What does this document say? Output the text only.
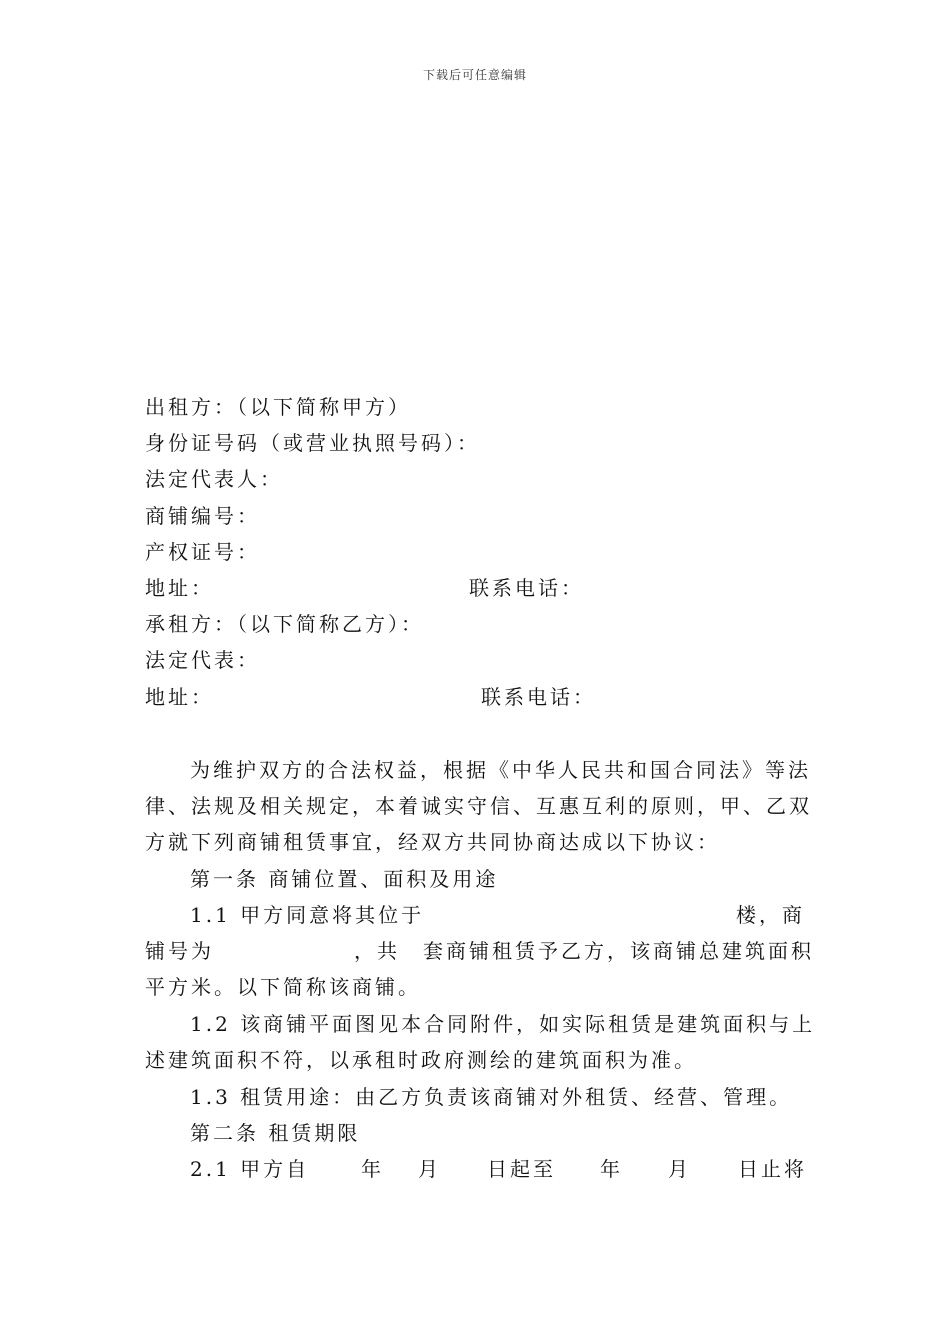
下载后可任意编辑
出租方：（以下简称甲方）
身份证号码（或营业执照号码）：
法定代表人：
商铺编号：
产权证号：
地址：	联系电话：
承租方：（以下简称乙方）：
法定代表：
地址：	联系电话：
为维护双方的合法权益，根据《中华人民共和国合同法》等法
律、法规及相关规定，本着诚实守信、互惠互利的原则，甲、乙双
方就下列商铺租赁事宜，经双方共同协商达成以下协议：
第一条 商铺位置、面积及用途
1.1 甲方同意将其位于	楼，商
铺号为	，共　套商铺租赁予乙方，该商铺总建筑面积
平方米。以下简称该商铺。
1.2 该商铺平面图见本合同附件，如实际租赁是建筑面积与上
述建筑面积不符，以承租时政府测绘的建筑面积为准。
1.3 租赁用途：由乙方负责该商铺对外租赁、经营、管理。
第二条 租赁期限
2.1 甲方自	年 月 日起至 年 月 日止将
